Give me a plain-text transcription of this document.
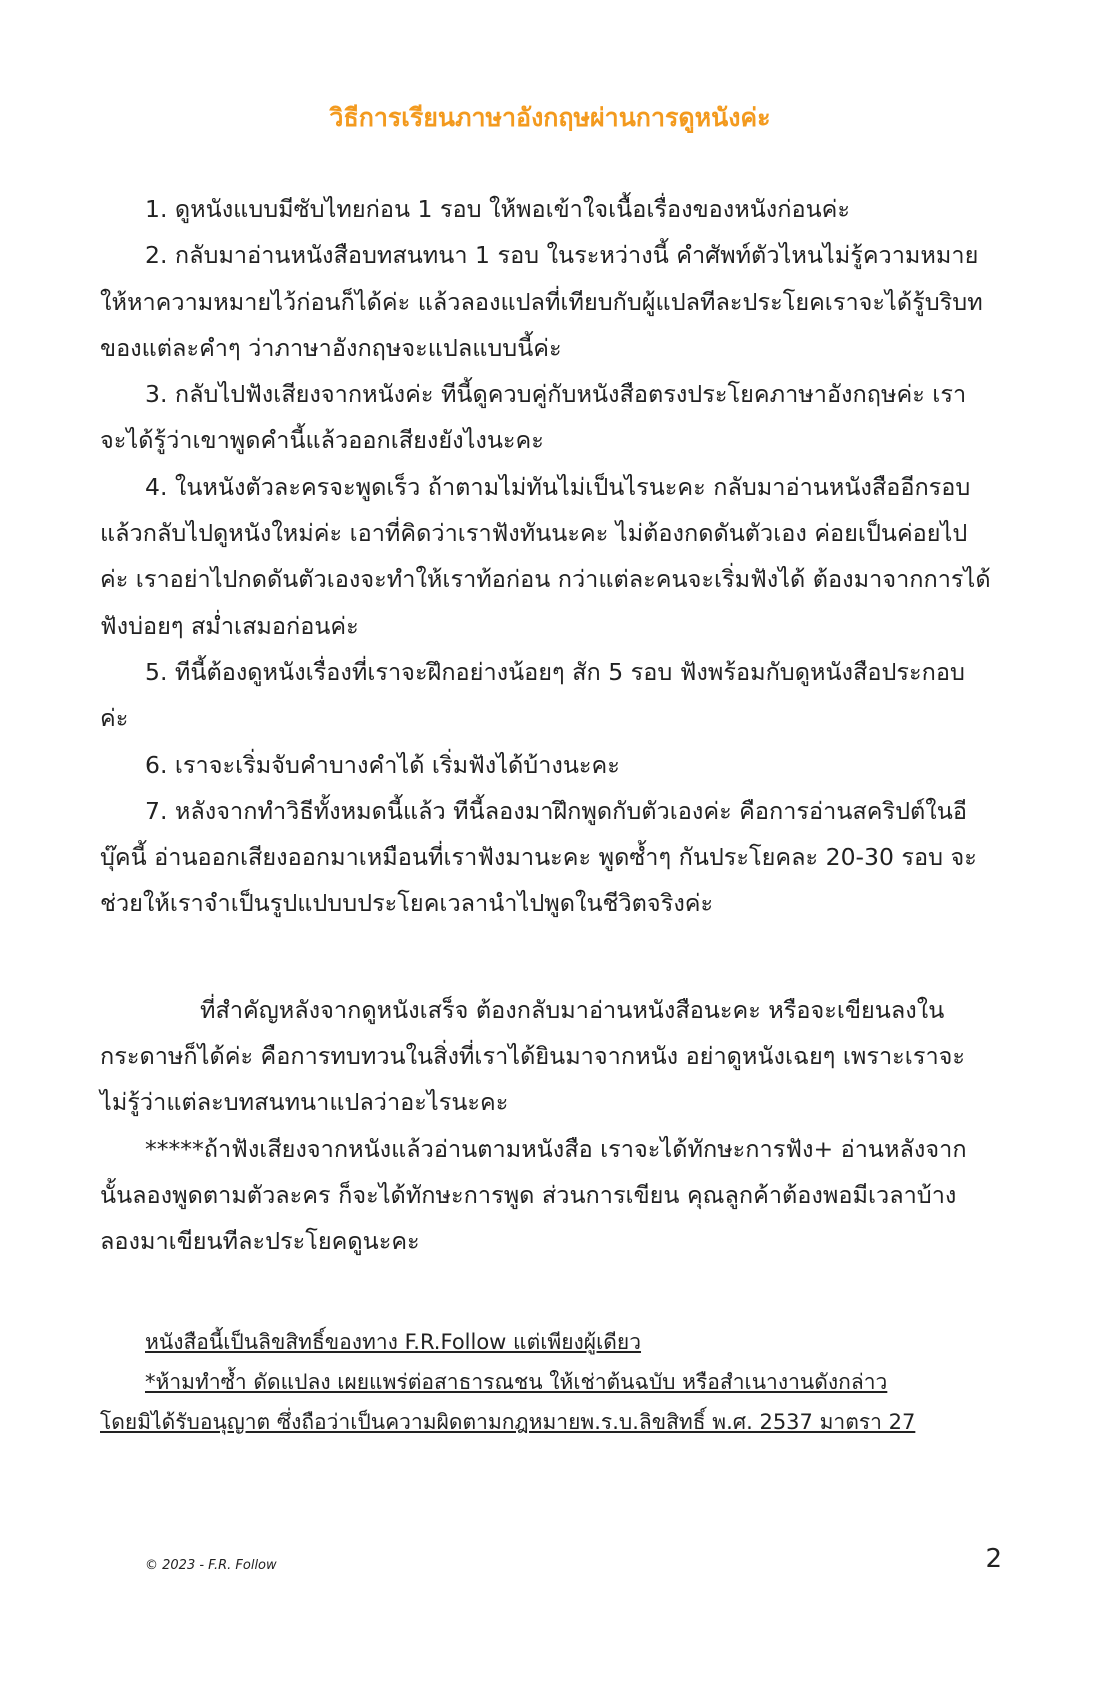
วิธีการเรียนภาษาอังกฤษผ่านการดูหนังค่ะ

1. ดูหนังแบบมีซับไทยก่อน 1 รอบ ให้พอเข้าใจเนื้อเรื่องของหนังก่อนค่ะ

2. กลับมาอ่านหนังสือบทสนทนา 1 รอบ ในระหว่างนี้ คำศัพท์ตัวไหนไม่รู้ความหมายให้หาความหมายไว้ก่อนก็ได้ค่ะ แล้วลองแปลที่เทียบกับผู้แปลทีละประโยคเราจะได้รู้บริบทของแต่ละคำๆ ว่าภาษาอังกฤษจะแปลแบบนี้ค่ะ

3. กลับไปฟังเสียงจากหนังค่ะ ทีนี้ดูควบคู่กับหนังสือตรงประโยคภาษาอังกฤษค่ะ เราจะได้รู้ว่าเขาพูดคำนี้แล้วออกเสียงยังไงนะคะ

4. ในหนังตัวละครจะพูดเร็ว ถ้าตามไม่ทันไม่เป็นไรนะคะ กลับมาอ่านหนังสืออีกรอบ แล้วกลับไปดูหนังใหม่ค่ะ เอาที่คิดว่าเราฟังทันนะคะ ไม่ต้องกดดันตัวเอง ค่อยเป็นค่อยไปค่ะ เราอย่าไปกดดันตัวเองจะทำให้เราท้อก่อน กว่าแต่ละคนจะเริ่มฟังได้ ต้องมาจากการได้ฟังบ่อยๆ สม่ำเสมอก่อนค่ะ

5. ทีนี้ต้องดูหนังเรื่องที่เราจะฝึกอย่างน้อยๆ สัก 5 รอบ ฟังพร้อมกับดูหนังสือประกอบค่ะ

6. เราจะเริ่มจับคำบางคำได้ เริ่มฟังได้บ้างนะคะ

7. หลังจากทำวิธีทั้งหมดนี้แล้ว ทีนี้ลองมาฝึกพูดกับตัวเองค่ะ คือการอ่านสคริปต์ในอีบุ๊คนี้ อ่านออกเสียงออกมาเหมือนที่เราฟังมานะคะ พูดซ้ำๆ กันประโยคละ 20-30 รอบ จะช่วยให้เราจำเป็นรูปแปบบประโยคเวลานำไปพูดในชีวิตจริงค่ะ

ที่สำคัญหลังจากดูหนังเสร็จ ต้องกลับมาอ่านหนังสือนะคะ หรือจะเขียนลงในกระดาษก็ได้ค่ะ คือการทบทวนในสิ่งที่เราได้ยินมาจากหนัง อย่าดูหนังเฉยๆ เพราะเราจะไม่รู้ว่าแต่ละบทสนทนาแปลว่าอะไรนะคะ

*****ถ้าฟังเสียงจากหนังแล้วอ่านตามหนังสือ เราจะได้ทักษะการฟัง+ อ่านหลังจากนั้นลองพูดตามตัวละคร ก็จะได้ทักษะการพูด ส่วนการเขียน คุณลูกค้าต้องพอมีเวลาบ้าง ลองมาเขียนทีละประโยคดูนะคะ

หนังสือนี้เป็นลิขสิทธิ์ของทาง F.R.Follow แต่เพียงผู้เดียว

*ห้ามทำซ้ำ ดัดแปลง เผยแพร่ต่อสาธารณชน ให้เช่าต้นฉบับ หรือสำเนางานดังกล่าว

โดยมิได้รับอนุญาต ซึ่งถือว่าเป็นความผิดตามกฎหมายพ.ร.บ.ลิขสิทธิ์ พ.ศ. 2537 มาตรา 27

© 2023 - F.R. Follow	2
